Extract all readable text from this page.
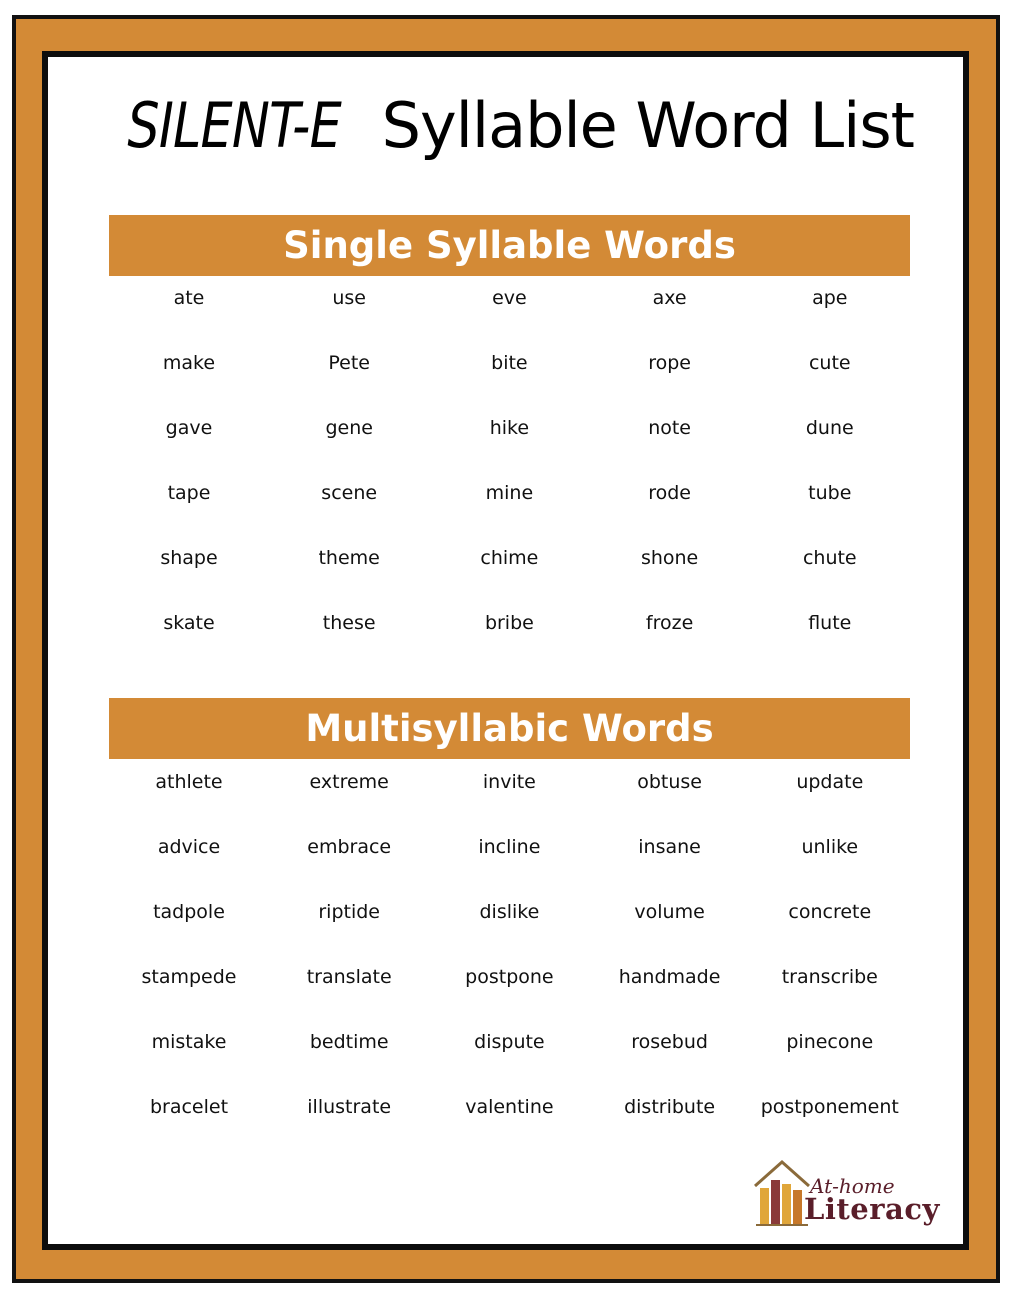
SILENT-E Syllable Word List
Single Syllable Words
ate	use	eve	axe	ape
make	Pete	bite	rope	cute
gave	gene	hike	note	dune
tape	scene	mine	rode	tube
shape	theme	chime	shone	chute
skate	these	bribe	froze	flute
Multisyllabic Words
athlete	extreme	invite	obtuse	update
advice	embrace	incline	insane	unlike
tadpole	riptide	dislike	volume	concrete
stampede	translate	postpone	handmade	transcribe
mistake	bedtime	dispute	rosebud	pinecone
bracelet	illustrate	valentine	distribute	postponement
At-home
Literacy
